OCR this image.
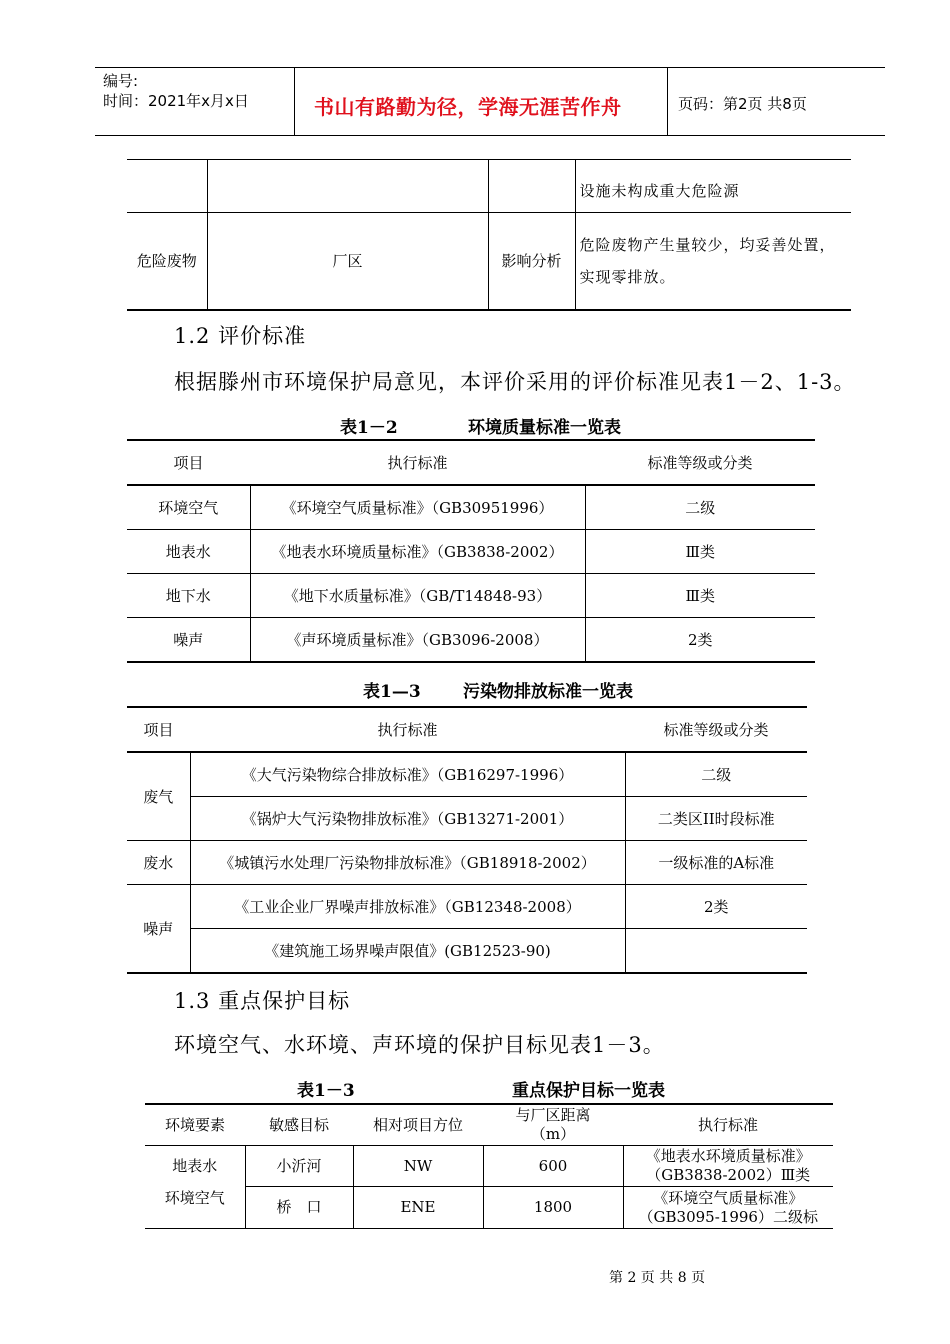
编号:
时间：2021年x月x日	书山有路勤为径，学海无涯苦作舟	页码：第2页 共8页
			设施未构成重大危险源
危险废物	厂区	影响分析	危险废物产生量较少，均妥善处置，
实现零排放。
1.2 评价标准
根据滕州市环境保护局意见，本评价采用的评价标准见表1－2、1-3。
表1－2	环境质量标准一览表
项目	执行标准	标准等级或分类
环境空气	《环境空气质量标准》（GB30951996）	二级
地表水	《地表水环境质量标准》（GB3838-2002）	Ⅲ类
地下水	《地下水质量标准》（GB/T14848-93）	Ⅲ类
噪声	《声环境质量标准》（GB3096-2008）	2类
表1—3 污染物排放标准一览表
项目	执行标准	标准等级或分类
废气	《大气污染物综合排放标准》（GB16297-1996）	二级
	《锅炉大气污染物排放标准》（GB13271-2001）	二类区II时段标准
废水	《城镇污水处理厂污染物排放标准》（GB18918-2002）	一级标准的A标准
噪声	《工业企业厂界噪声排放标准》（GB12348-2008）	2类
	《建筑施工场界噪声限值》(GB12523-90)	
1.3 重点保护目标
环境空气、水环境、声环境的保护目标见表1－3。
表1－3	重点保护目标一览表
环境要素	敏感目标	相对项目方位	与厂区距离
（m）	执行标准
地表水	小沂河	NW	600	《地表水环境质量标准》
（GB3838-2002）Ⅲ类

环境空气	桥　口	ENE	1800	《环境空气质量标准》
（GB3095-1996）二级标
第 2 页 共 8 页
